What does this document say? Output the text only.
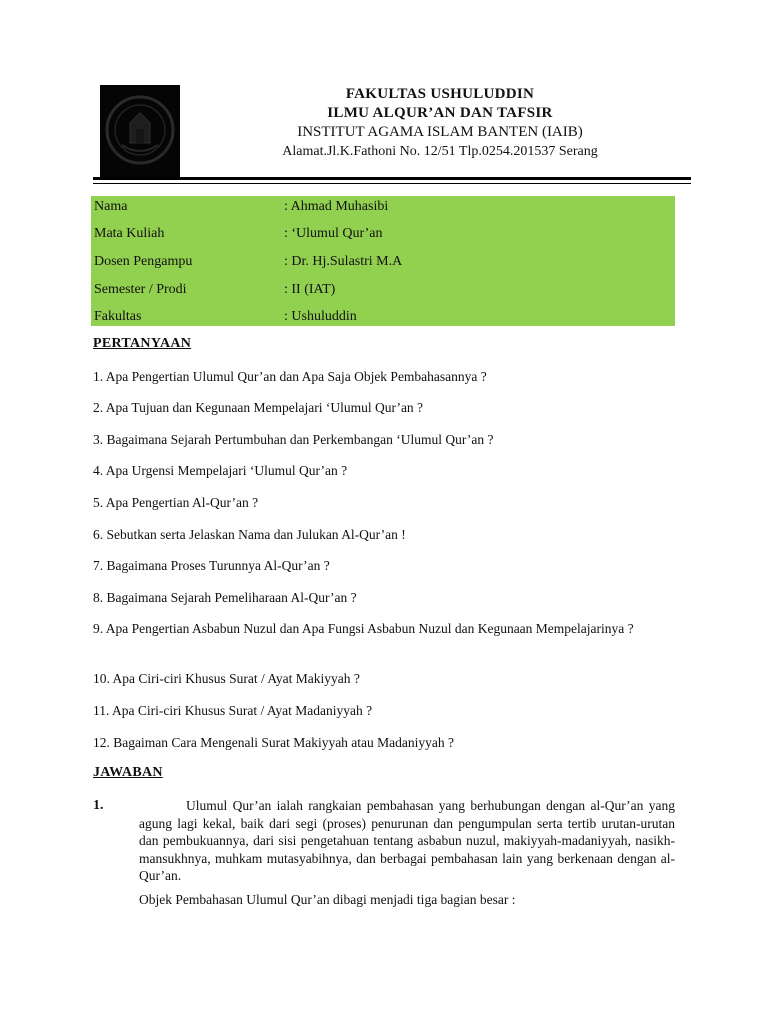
FAKULTAS USHULUDDIN
ILMU ALQUR’AN DAN TAFSIR
INSTITUT AGAMA ISLAM BANTEN (IAIB)
Alamat.Jl.K.Fathoni No. 12/51 Tlp.0254.201537 Serang
Nama	: Ahmad Muhasibi
Mata Kuliah	: ‘Ulumul Qur’an
Dosen Pengampu	: Dr. Hj.Sulastri M.A
Semester / Prodi	: II (IAT)
Fakultas	: Ushuluddin
PERTANYAAN
1. Apa Pengertian Ulumul Qur’an dan Apa Saja Objek Pembahasannya ?
2. Apa Tujuan dan Kegunaan Mempelajari ‘Ulumul Qur’an ?
3. Bagaimana Sejarah Pertumbuhan dan Perkembangan ‘Ulumul Qur’an ?
4. Apa Urgensi Mempelajari ‘Ulumul Qur’an ?
5. Apa Pengertian Al-Qur’an ?
6. Sebutkan serta Jelaskan Nama dan Julukan Al-Qur’an !
7. Bagaimana Proses Turunnya Al-Qur’an ?
8. Bagaimana Sejarah Pemeliharaan Al-Qur’an ?
9. Apa Pengertian Asbabun Nuzul dan Apa Fungsi Asbabun Nuzul dan Kegunaan Mempelajarinya ?
10. Apa Ciri-ciri Khusus Surat / Ayat Makiyyah ?
11. Apa Ciri-ciri Khusus Surat / Ayat Madaniyyah ?
12. Bagaiman Cara Mengenali Surat Makiyyah atau Madaniyyah ?
JAWABAN
1.	Ulumul Qur’an ialah rangkaian pembahasan yang berhubungan dengan al-Qur’an yang agung lagi kekal, baik dari segi (proses) penurunan dan pengumpulan serta tertib urutan-urutan dan pembukuannya, dari sisi pengetahuan tentang asbabun nuzul, makiyyah-madaniyyah, nasikh-mansukhnya, muhkam mutasyabihnya, dan berbagai pembahasan lain yang berkenaan dengan al-Qur’an.
Objek Pembahasan Ulumul Qur’an dibagi menjadi tiga bagian besar :
